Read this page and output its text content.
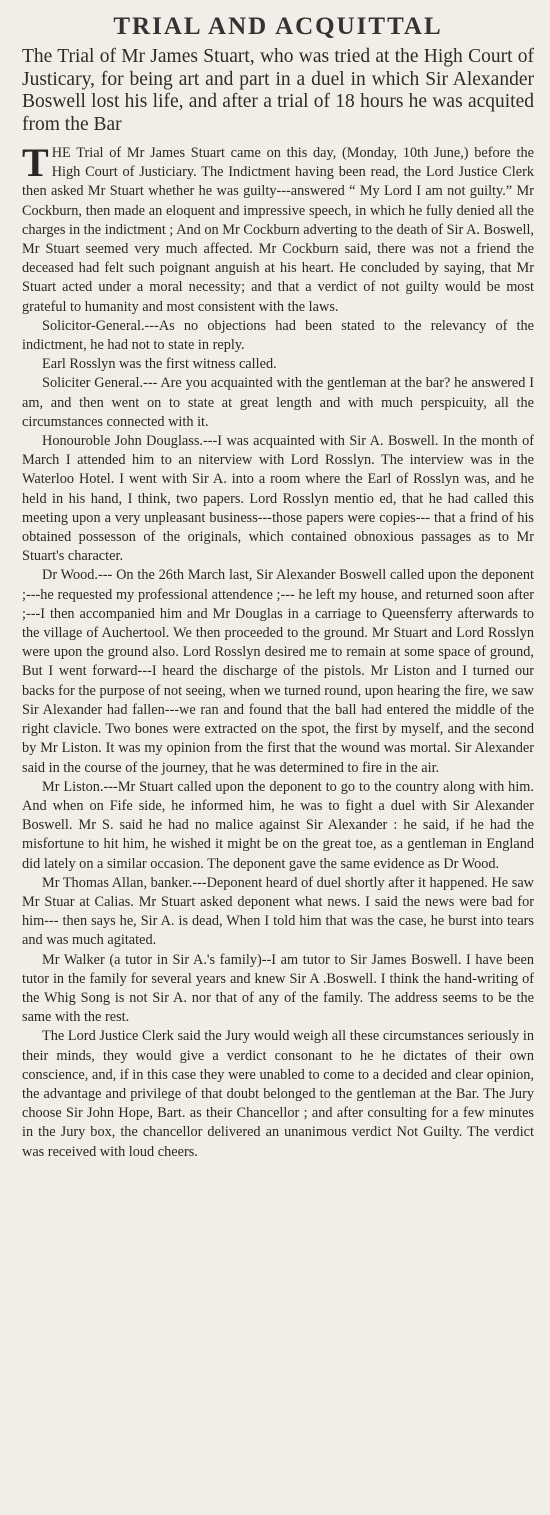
TRIAL AND ACQUITTAL
The Trial of Mr James Stuart, who was tried at the High Court of Justicary, for being art and part in a duel in which Sir Alexander Boswell lost his life, and after a trial of 18 hours he was acquited from the Bar

THE Trial of Mr James Stuart came on this day, (Monday, 10th June,) before the High Court of Justiciary. The Indictment having been read, the Lord Justice Clerk then asked Mr Stuart whether he was guilty---answered “ My Lord I am not guilty.” Mr Cockburn, then made an eloquent and impressive speech, in which he fully denied all the charges in the indictment ; And on Mr Cockburn adverting to the death of Sir A. Boswell, Mr Stuart seemed very much affected. Mr Cockburn said, there was not a friend the deceased had felt such poignant anguish at his heart. He concluded by saying, that Mr Stuart acted under a moral necessity; and that a verdict of not guilty would be most grateful to humanity and most consistent with the laws.

Solicitor-General.---As no objections had been stated to the relevancy of the indictment, he had not to state in reply.

Earl Rosslyn was the first witness called.

Soliciter General.--- Are you acquainted with the gentleman at the bar? he answered I am, and then went on to state at great length and with much perspicuity, all the circumstances connected with it.

Honouroble John Douglass.---I was acquainted with Sir A. Boswell. In the month of March I attended him to an niterview with Lord Rosslyn. The interview was in the Waterloo Hotel. I went with Sir A. into a room where the Earl of Rosslyn was, and he held in his hand, I think, two papers. Lord Rosslyn mentio ed, that he had called this meeting upon a very unpleasant business---those papers were copies--- that a frind of his obtained possesson of the originals, which contained obnoxious passages as to Mr Stuart's character.

Dr Wood.--- On the 26th March last, Sir Alexander Boswell called upon the deponent ;---he requested my professional attendence ;--- he left my house, and returned soon after ;---I then accompanied him and Mr Douglas in a carriage to Queensferry afterwards to the village of Auchertool. We then proceeded to the ground. Mr Stuart and Lord Rosslyn were upon the ground also. Lord Rosslyn desired me to remain at some space of ground, But I went forward---I heard the discharge of the pistols. Mr Liston and I turned our backs for the purpose of not seeing, when we turned round, upon hearing the fire, we saw Sir Alexander had fallen---we ran and found that the ball had entered the middle of the right clavicle. Two bones were extracted on the spot, the first by myself, and the second by Mr Liston. It was my opinion from the first that the wound was mortal. Sir Alexander said in the course of the journey, that he was determined to fire in the air.

Mr Liston.---Mr Stuart called upon the deponent to go to the country along with him. And when on Fife side, he informed him, he was to fight a duel with Sir Alexander Boswell. Mr S. said he had no malice against Sir Alexander : he said, if he had the misfortune to hit him, he wished it might be on the great toe, as a gentleman in England did lately on a similar occasion. The deponent gave the same evidence as Dr Wood.

Mr Thomas Allan, banker.---Deponent heard of duel shortly after it happened. He saw Mr Stuar at Calias. Mr Stuart asked deponent what news. I said the news were bad for him--- then says he, Sir A. is dead, When I told him that was the case, he burst into tears and was much agitated.

Mr Walker (a tutor in Sir A.'s family)--I am tutor to Sir James Boswell. I have been tutor in the family for several years and knew Sir A .Boswell. I think the hand-writing of the Whig Song is not Sir A. nor that of any of the family. The address seems to be the same with the rest.

The Lord Justice Clerk said the Jury would weigh all these circumstances seriously in their minds, they would give a verdict consonant to he he dictates of their own conscience, and, if in this case they were unabled to come to a decided and clear opinion, the advantage and privilege of that doubt belonged to the gentleman at the Bar. The Jury choose Sir John Hope, Bart. as their Chancellor ; and after consulting for a few minutes in the Jury box, the chancellor delivered an unanimous verdict Not Guilty. The verdict was received with loud cheers.
